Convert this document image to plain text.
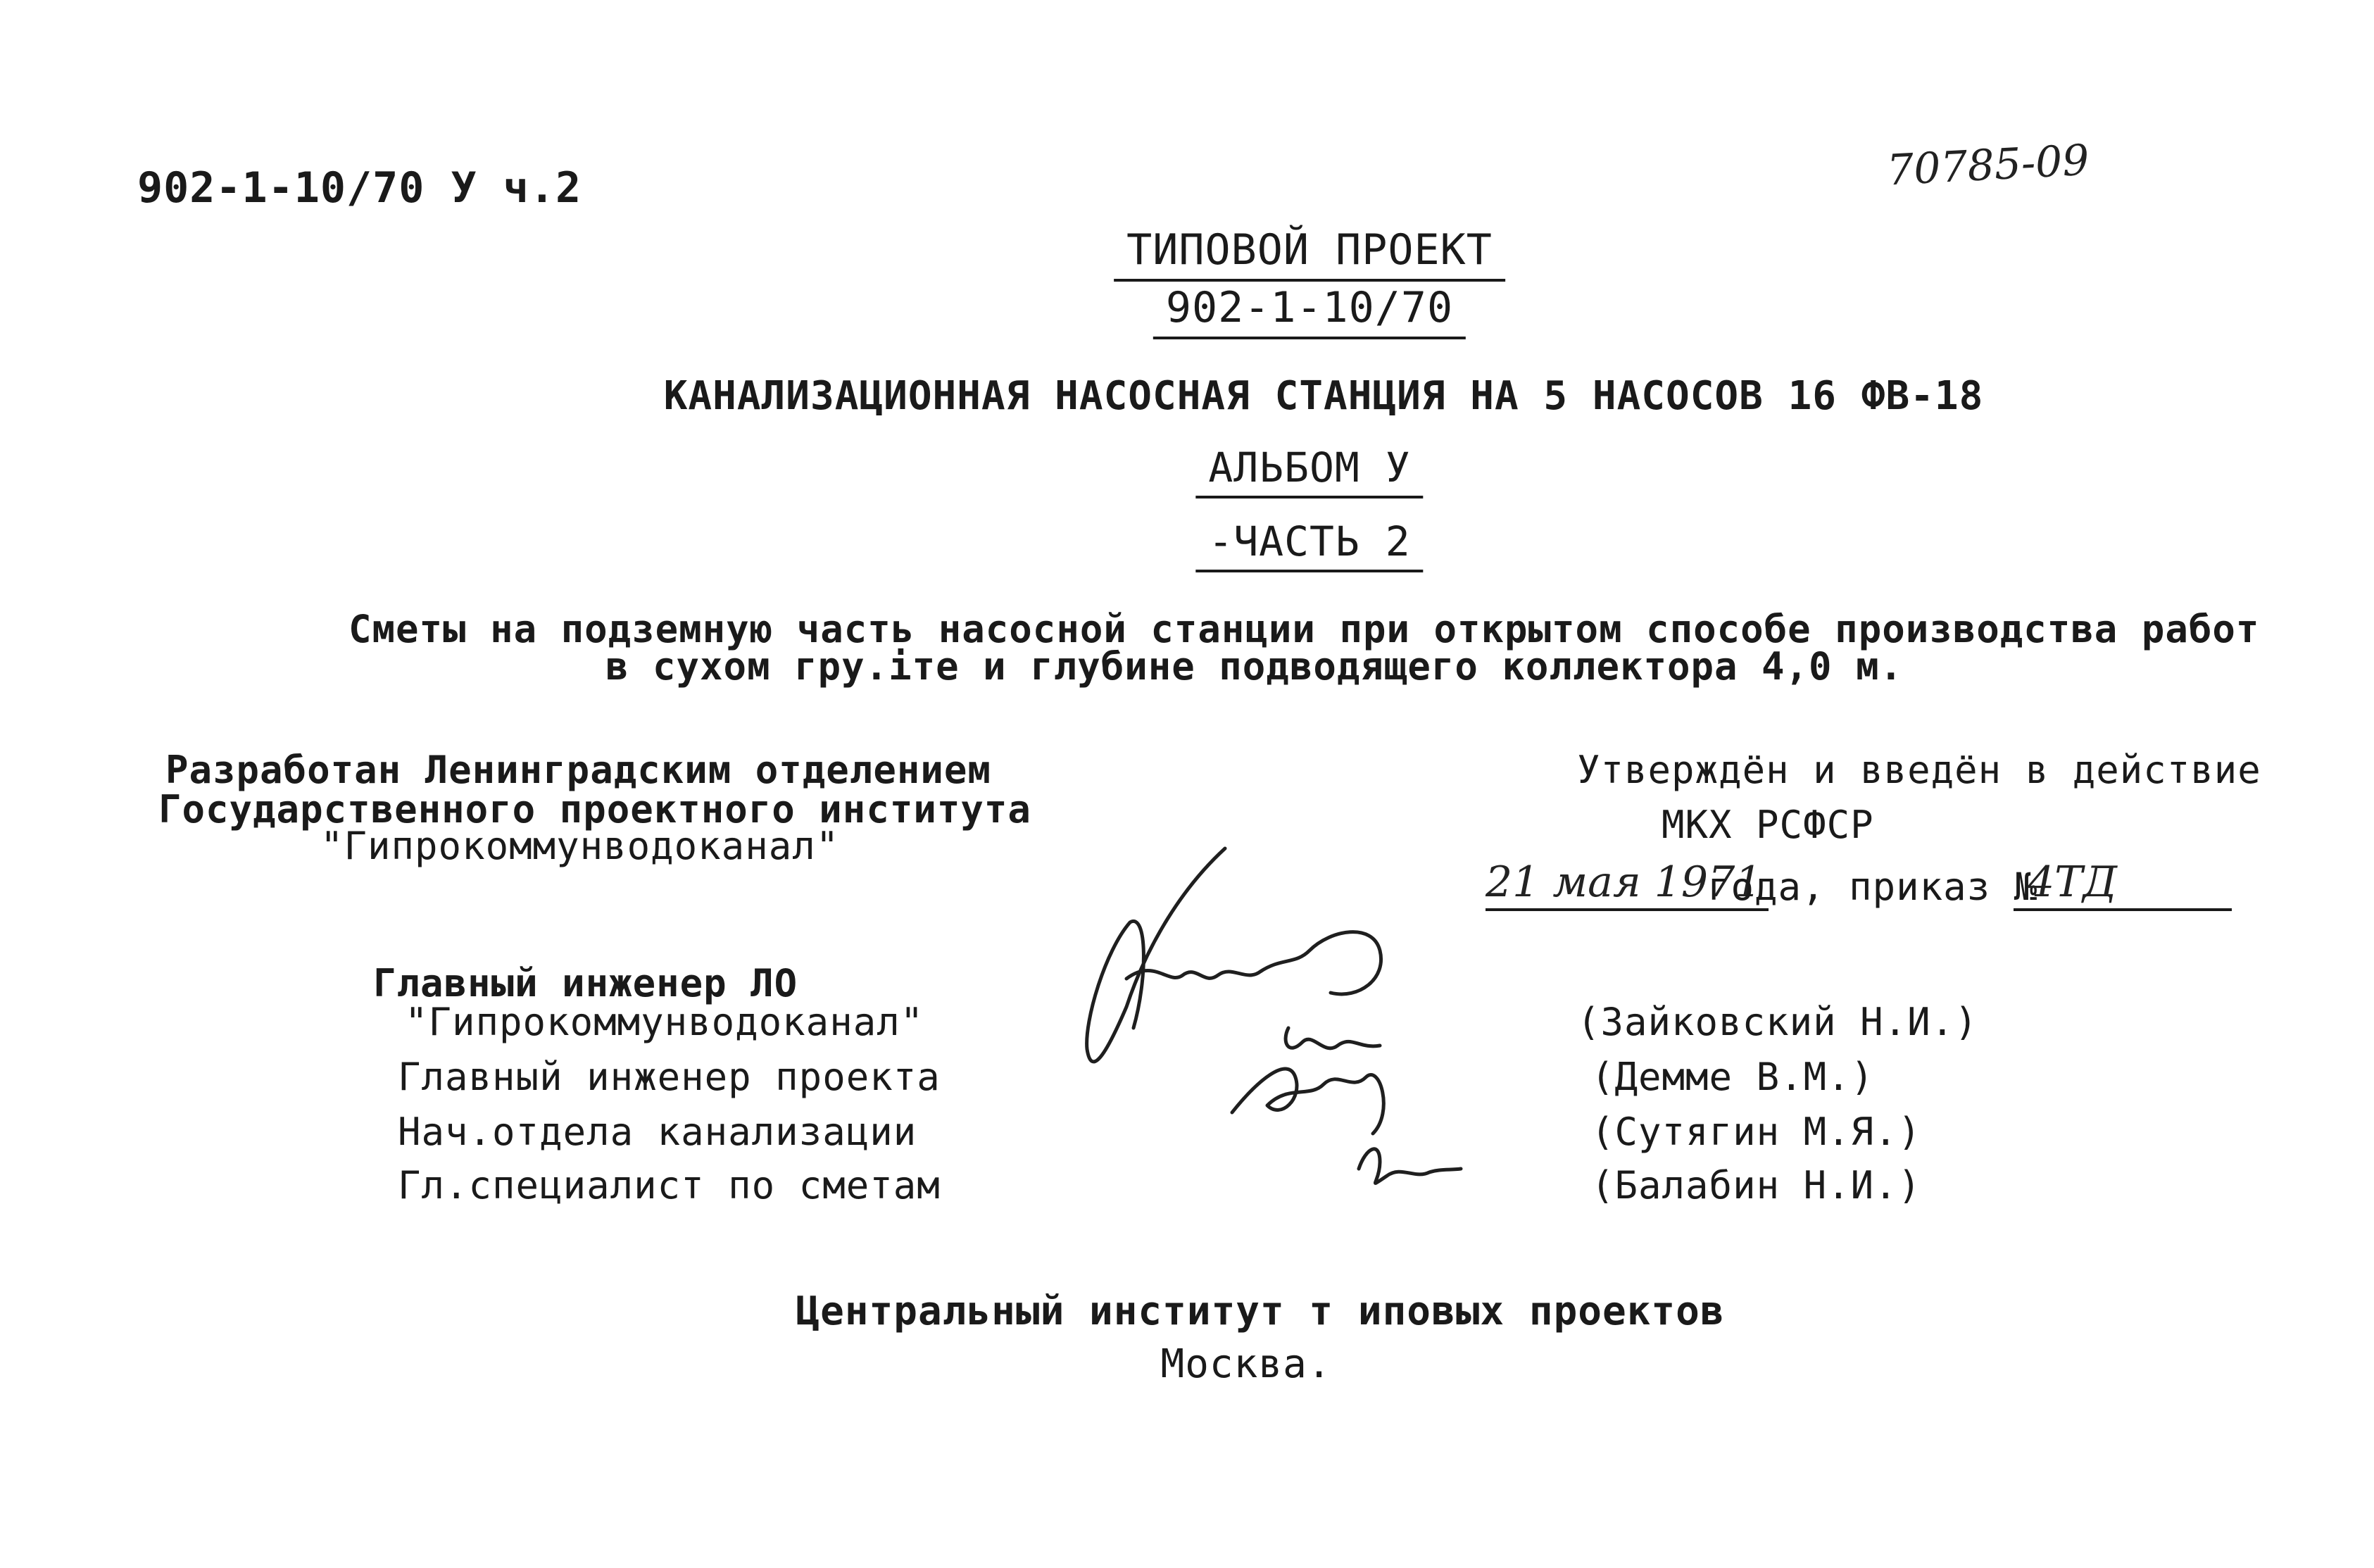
902-1-10/70 У ч.2	70785-09
ТИПОВОЙ ПРОЕКТ
902-1-10/70
КАНАЛИЗАЦИОННАЯ НАСОСНАЯ СТАНЦИЯ НА 5 НАСОСОВ 16 ФВ-18
АЛЬБОМ У
-ЧАСТЬ 2
Сметы на подземную часть насосной станции при открытом способе производства работ
в сухом гру.іте и глубине подводящего коллектора 4,0 м.
Разработан Ленинградским отделением
Государственного проектного института
"Гипрокоммунводоканал"
Утверждён и введён в действие
МКХ РСФСР
21 мая 1971
года, приказ №
4ТД
Главный инженер ЛО
"Гипрокоммунводоканал"
Главный инженер проекта
Нач.отдела канализации
Гл.специалист по сметам
(Зайковский Н.И.)
(Демме В.М.)
(Сутягин М.Я.)
(Балабин Н.И.)
Центральный институт т иповых проектов
Москва.
